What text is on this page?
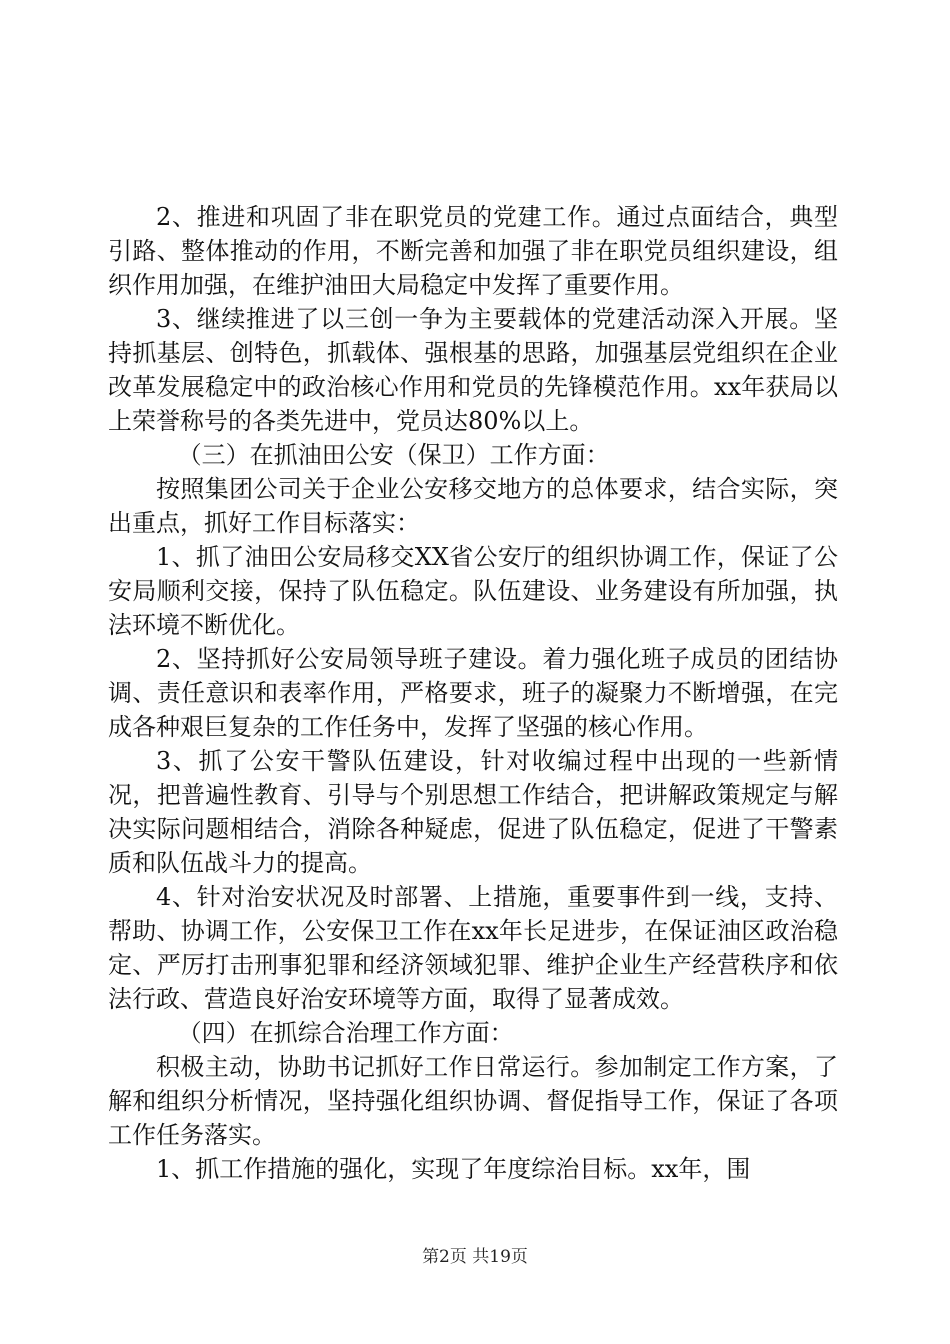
2、推进和巩固了非在职党员的党建工作。通过点面结合，典型引路、整体推动的作用，不断完善和加强了非在职党员组织建设，组织作用加强，在维护油田大局稳定中发挥了重要作用。

3、继续推进了以三创一争为主要载体的党建活动深入开展。坚持抓基层、创特色，抓载体、强根基的思路，加强基层党组织在企业改革发展稳定中的政治核心作用和党员的先锋模范作用。xx年获局以上荣誉称号的各类先进中，党员达80%以上。

（三）在抓油田公安（保卫）工作方面：

按照集团公司关于企业公安移交地方的总体要求，结合实际，突出重点，抓好工作目标落实：

1、抓了油田公安局移交XX省公安厅的组织协调工作，保证了公安局顺利交接，保持了队伍稳定。队伍建设、业务建设有所加强，执法环境不断优化。

2、坚持抓好公安局领导班子建设。着力强化班子成员的团结协调、责任意识和表率作用，严格要求，班子的凝聚力不断增强，在完成各种艰巨复杂的工作任务中，发挥了坚强的核心作用。

3、抓了公安干警队伍建设，针对收编过程中出现的一些新情况，把普遍性教育、引导与个别思想工作结合，把讲解政策规定与解决实际问题相结合，消除各种疑虑，促进了队伍稳定，促进了干警素质和队伍战斗力的提高。

4、针对治安状况及时部署、上措施，重要事件到一线，支持、帮助、协调工作，公安保卫工作在xx年长足进步，在保证油区政治稳定、严厉打击刑事犯罪和经济领域犯罪、维护企业生产经营秩序和依法行政、营造良好治安环境等方面，取得了显著成效。

（四）在抓综合治理工作方面：

积极主动，协助书记抓好工作日常运行。参加制定工作方案，了解和组织分析情况，坚持强化组织协调、督促指导工作，保证了各项工作任务落实。

1、抓工作措施的强化，实现了年度综治目标。xx年，围

第2页 共19页
